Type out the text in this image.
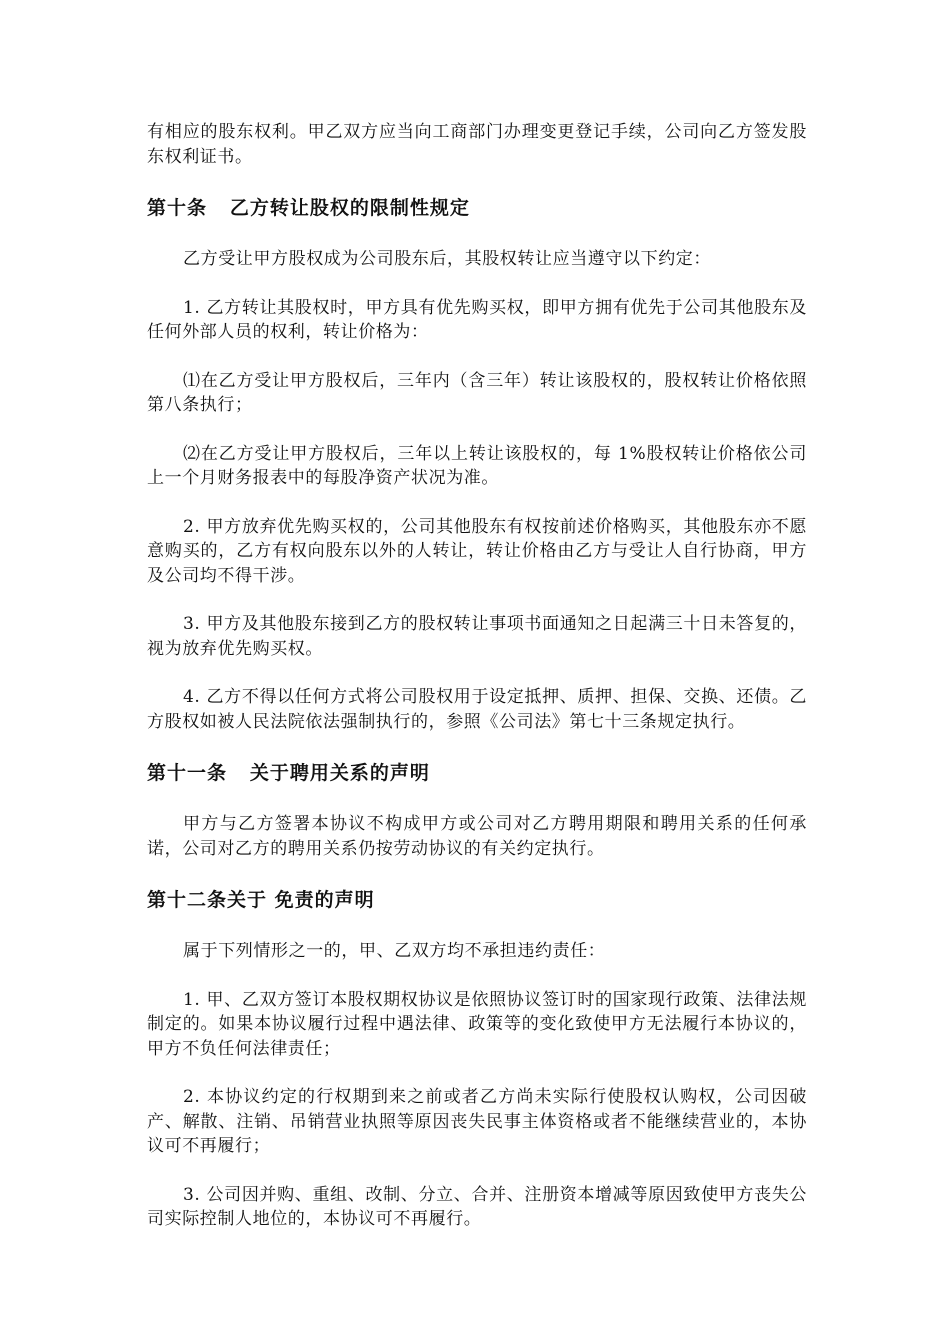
有相应的股东权利。甲乙双方应当向工商部门办理变更登记手续，公司向乙方签发股东权利证书。

第十条   乙方转让股权的限制性规定

乙方受让甲方股权成为公司股东后，其股权转让应当遵守以下约定：

1. 乙方转让其股权时，甲方具有优先购买权，即甲方拥有优先于公司其他股东及任何外部人员的权利，转让价格为：

⑴在乙方受让甲方股权后，三年内（含三年）转让该股权的，股权转让价格依照第八条执行；

⑵在乙方受让甲方股权后，三年以上转让该股权的，每 1%股权转让价格依公司上一个月财务报表中的每股净资产状况为准。

2. 甲方放弃优先购买权的，公司其他股东有权按前述价格购买，其他股东亦不愿意购买的，乙方有权向股东以外的人转让，转让价格由乙方与受让人自行协商，甲方及公司均不得干涉。

3. 甲方及其他股东接到乙方的股权转让事项书面通知之日起满三十日未答复的，视为放弃优先购买权。

4. 乙方不得以任何方式将公司股权用于设定抵押、质押、担保、交换、还债。乙方股权如被人民法院依法强制执行的，参照《公司法》第七十三条规定执行。

第十一条   关于聘用关系的声明

甲方与乙方签署本协议不构成甲方或公司对乙方聘用期限和聘用关系的任何承诺，公司对乙方的聘用关系仍按劳动协议的有关约定执行。

第十二条关于 免责的声明

属于下列情形之一的，甲、乙双方均不承担违约责任：

1. 甲、乙双方签订本股权期权协议是依照协议签订时的国家现行政策、法律法规制定的。如果本协议履行过程中遇法律、政策等的变化致使甲方无法履行本协议的，甲方不负任何法律责任；

2. 本协议约定的行权期到来之前或者乙方尚未实际行使股权认购权，公司因破产、解散、注销、吊销营业执照等原因丧失民事主体资格或者不能继续营业的，本协议可不再履行；

3. 公司因并购、重组、改制、分立、合并、注册资本增减等原因致使甲方丧失公司实际控制人地位的，本协议可不再履行。
